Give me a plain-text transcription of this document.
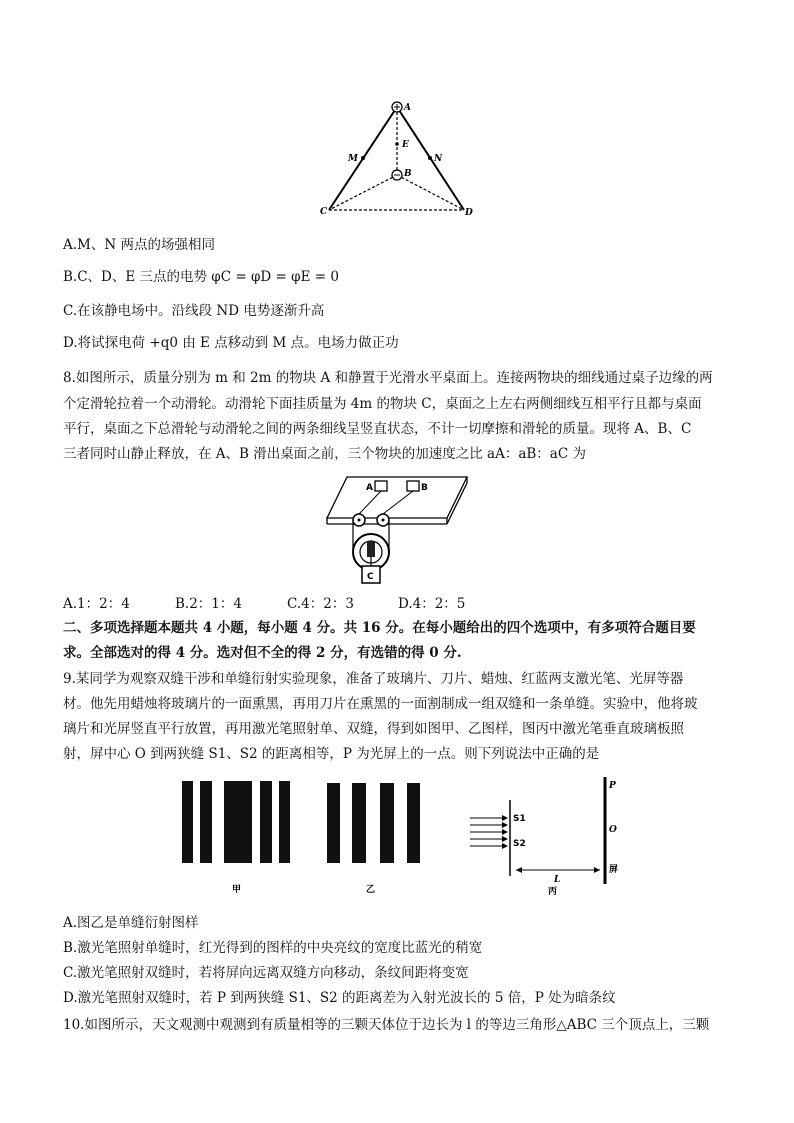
A
E
B
M	N
C	D
A.M、N 两点的场强相同
B.C、D、E 三点的电势 φC = φD = φE = 0
C.在该静电场中。沿线段 ND 电势逐渐升高
D.将试探电荷 +q0 由 E 点移动到 M 点。电场力做正功
8.如图所示，质量分别为 m 和 2m 的物块 A 和静置于光滑水平桌面上。连接两物块的细线通过桌子边缘的两
个定滑轮拉着一个动滑轮。动滑轮下面挂质量为 4m 的物块 C，桌面之上左右两侧细线互相平行且都与桌面
平行，桌面之下总滑轮与动滑轮之间的两条细线呈竖直状态，不计一切摩擦和滑轮的质量。现将 A、B、C
三者同时山静止释放，在 A、B 滑出桌面之前，三个物块的加速度之比 aA：aB：aC 为
A	B
C
A.1：2：4	B.2：1：4	C.4：2：3	D.4：2：5
二、多项选择题本题共 4 小题，每小题 4 分。共 16 分。在每小题给出的四个选项中，有多项符合题目要
求。全部选对的得 4 分。选对但不全的得 2 分，有选错的得 0 分.
9.某同学为观察双缝干涉和单缝衍射实验现象，准备了玻璃片、刀片、蜡烛、红蓝两支激光笔、光屏等器
材。他先用蜡烛将玻璃片的一面熏黑，再用刀片在熏黑的一面割制成一组双缝和一条单缝。实验中，他将玻
璃片和光屏竖直平行放置，再用激光笔照射单、双缝，得到如图甲、乙图样，图丙中激光笔垂直玻璃板照
射，屏中心 O 到两狭缝 S1、S2 的距离相等，P 为光屏上的一点。则下列说法中正确的是
甲	乙
S1
S2
P
O
屏
L
丙
A.图乙是单缝衍射图样
B.激光笔照射单缝时，红光得到的图样的中央亮纹的宽度比蓝光的稍宽
C.激光笔照射双缝时，若将屏向远离双缝方向移动，条纹间距将变宽
D.激光笔照射双缝时，若 P 到两狭缝 S1、S2 的距离差为入射光波长的 5 倍，P 处为暗条纹
10.如图所示，天文观测中观测到有质量相等的三颗天体位于边长为 l 的等边三角形△ABC 三个顶点上，三颗
